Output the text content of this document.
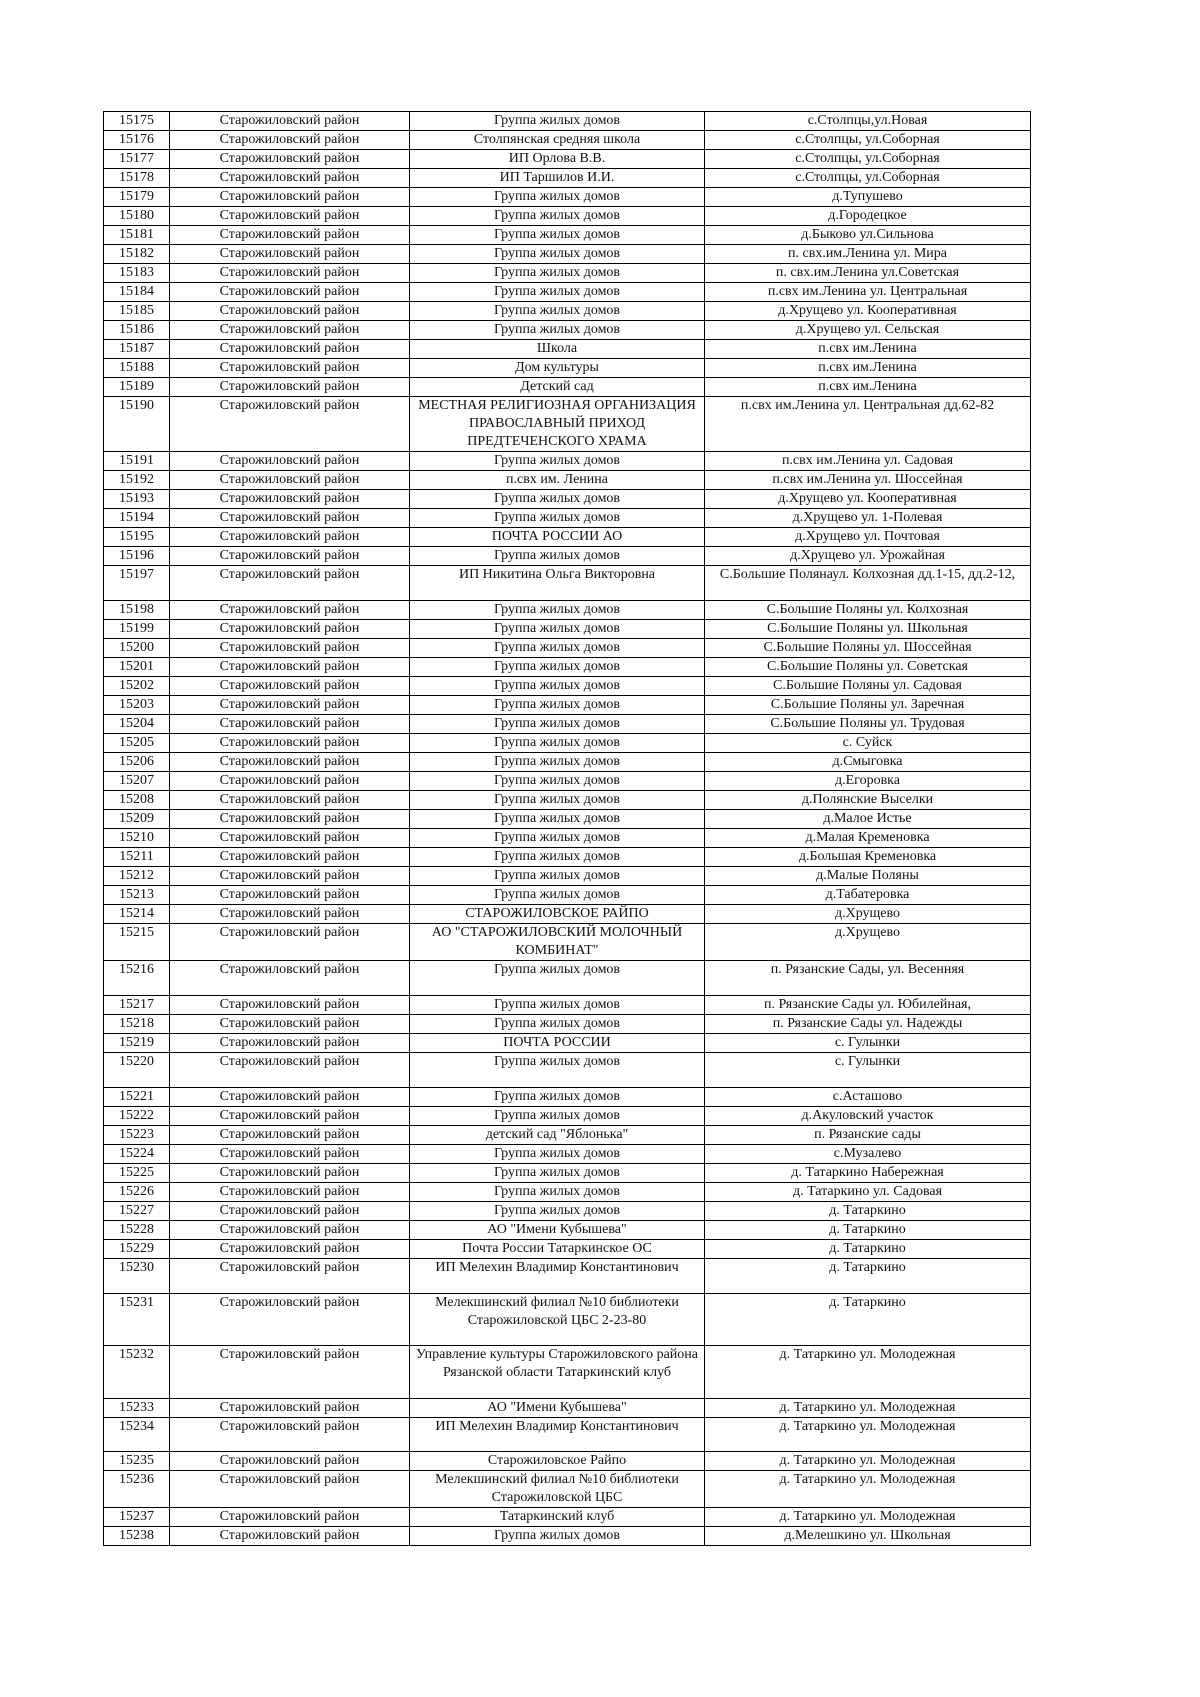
15175	Старожиловский район	Группа жилых домов	с.Столпцы,ул.Новая
15176	Старожиловский район	Столпянская средняя школа	с.Столпцы, ул.Соборная
15177	Старожиловский район	ИП Орлова В.В.	с.Столпцы, ул.Соборная
15178	Старожиловский район	ИП Таршилов И.И.	с.Столпцы, ул.Соборная
15179	Старожиловский район	Группа жилых домов	д.Тупушево
15180	Старожиловский район	Группа жилых домов	д.Городецкое
15181	Старожиловский район	Группа жилых домов	д.Быково ул.Сильнова
15182	Старожиловский район	Группа жилых домов	п. свх.им.Ленина ул. Мира
15183	Старожиловский район	Группа жилых домов	п. свх.им.Ленина ул.Советская
15184	Старожиловский район	Группа жилых домов	п.свх им.Ленина ул. Центральная
15185	Старожиловский район	Группа жилых домов	д.Хрущево ул. Кооперативная
15186	Старожиловский район	Группа жилых домов	д.Хрущево ул. Сельская
15187	Старожиловский район	Школа	п.свх им.Ленина
15188	Старожиловский район	Дом культуры	п.свх им.Ленина
15189	Старожиловский район	Детский сад	п.свх им.Ленина
15190	Старожиловский район	МЕСТНАЯ РЕЛИГИОЗНАЯ ОРГАНИЗАЦИЯ ПРАВОСЛАВНЫЙ ПРИХОД ПРЕДТЕЧЕНСКОГО ХРАМА	п.свх им.Ленина ул. Центральная дд.62-82
15191	Старожиловский район	Группа жилых домов	п.свх им.Ленина ул. Садовая
15192	Старожиловский район	п.свх им. Ленина	п.свх им.Ленина ул. Шоссейная
15193	Старожиловский район	Группа жилых домов	д.Хрущево ул. Кооперативная
15194	Старожиловский район	Группа жилых домов	д.Хрущево ул. 1-Полевая
15195	Старожиловский район	ПОЧТА РОССИИ АО	д.Хрущево ул. Почтовая
15196	Старожиловский район	Группа жилых домов	д.Хрущево ул. Урожайная
15197	Старожиловский район	ИП Никитина Ольга Викторовна	С.Большие Полянаул. Колхозная дд.1-15, дд.2-12,
15198	Старожиловский район	Группа жилых домов	С.Большие Поляны ул. Колхозная
15199	Старожиловский район	Группа жилых домов	С.Большие Поляны ул. Школьная
15200	Старожиловский район	Группа жилых домов	С.Большие Поляны ул. Шоссейная
15201	Старожиловский район	Группа жилых домов	С.Большие Поляны ул. Советская
15202	Старожиловский район	Группа жилых домов	С.Большие Поляны ул. Садовая
15203	Старожиловский район	Группа жилых домов	С.Большие Поляны ул. Заречная
15204	Старожиловский район	Группа жилых домов	С.Большие Поляны ул. Трудовая
15205	Старожиловский район	Группа жилых домов	с. Суйск
15206	Старожиловский район	Группа жилых домов	д.Смыговка
15207	Старожиловский район	Группа жилых домов	д.Егоровка
15208	Старожиловский район	Группа жилых домов	д.Полянские Выселки
15209	Старожиловский район	Группа жилых домов	д.Малое Истье
15210	Старожиловский район	Группа жилых домов	д.Малая Кременовка
15211	Старожиловский район	Группа жилых домов	д.Большая Кременовка
15212	Старожиловский район	Группа жилых домов	д.Малые Поляны
15213	Старожиловский район	Группа жилых домов	д.Табатеровка
15214	Старожиловский район	СТАРОЖИЛОВСКОЕ РАЙПО	д.Хрущево
15215	Старожиловский район	АО "СТАРОЖИЛОВСКИЙ МОЛОЧНЫЙ КОМБИНАТ"	д.Хрущево
15216	Старожиловский район	Группа жилых домов	п. Рязанские Сады, ул. Весенняя
15217	Старожиловский район	Группа жилых домов	п. Рязанские Сады ул. Юбилейная,
15218	Старожиловский район	Группа жилых домов	п. Рязанские Сады ул. Надежды
15219	Старожиловский район	ПОЧТА РОССИИ	с. Гулынки
15220	Старожиловский район	Группа жилых домов	с. Гулынки
15221	Старожиловский район	Группа жилых домов	с.Асташово
15222	Старожиловский район	Группа жилых домов	д.Акуловский участок
15223	Старожиловский район	детский сад "Яблонька"	п. Рязанские сады
15224	Старожиловский район	Группа жилых домов	с.Музалево
15225	Старожиловский район	Группа жилых домов	д. Татаркино Набережная
15226	Старожиловский район	Группа жилых домов	д. Татаркино ул. Садовая
15227	Старожиловский район	Группа жилых домов	д. Татаркино
15228	Старожиловский район	АО "Имени Кубышева"	д. Татаркино
15229	Старожиловский район	Почта России Татаркинское ОС	д. Татаркино
15230	Старожиловский район	ИП Мелехин Владимир Константинович	д. Татаркино
15231	Старожиловский район	Мелекшинский филиал №10 библиотеки Старожиловской ЦБС 2-23-80	д. Татаркино
15232	Старожиловский район	Управление культуры Старожиловского района Рязанской области Татаркинский клуб	д. Татаркино ул. Молодежная
15233	Старожиловский район	АО "Имени Кубышева"	д. Татаркино ул. Молодежная
15234	Старожиловский район	ИП Мелехин Владимир Константинович	д. Татаркино ул. Молодежная
15235	Старожиловский район	Старожиловское Райпо	д. Татаркино ул. Молодежная
15236	Старожиловский район	Мелекшинский филиал №10 библиотеки Старожиловской ЦБС	д. Татаркино ул. Молодежная
15237	Старожиловский район	Татаркинский клуб	д. Татаркино ул. Молодежная
15238	Старожиловский район	Группа жилых домов	д.Мелешкино ул. Школьная
